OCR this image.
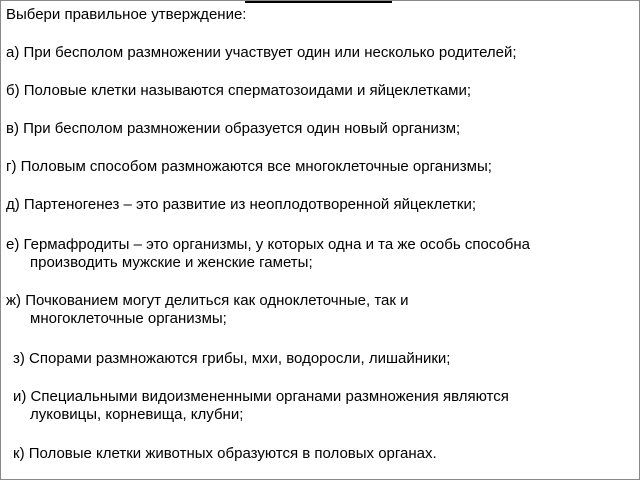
Выбери правильное утверждение:
а) При бесполом размножении участвует один или несколько родителей;
б) Половые клетки называются сперматозоидами и яйцеклетками;
в) При бесполом размножении образуется один новый организм;
г) Половым способом размножаются все многоклеточные организмы;
д) Партеногенез – это развитие из неоплодотворенной яйцеклетки;
е) Гермафродиты – это организмы, у которых одна и та же особь способна
производить мужские и женские гаметы;
ж) Почкованием могут делиться как одноклеточные, так и
многоклеточные организмы;
з) Спорами размножаются грибы, мхи, водоросли, лишайники;
и) Специальными видоизмененными органами размножения являются
луковицы, корневища, клубни;
к) Половые клетки животных образуются в половых органах.
